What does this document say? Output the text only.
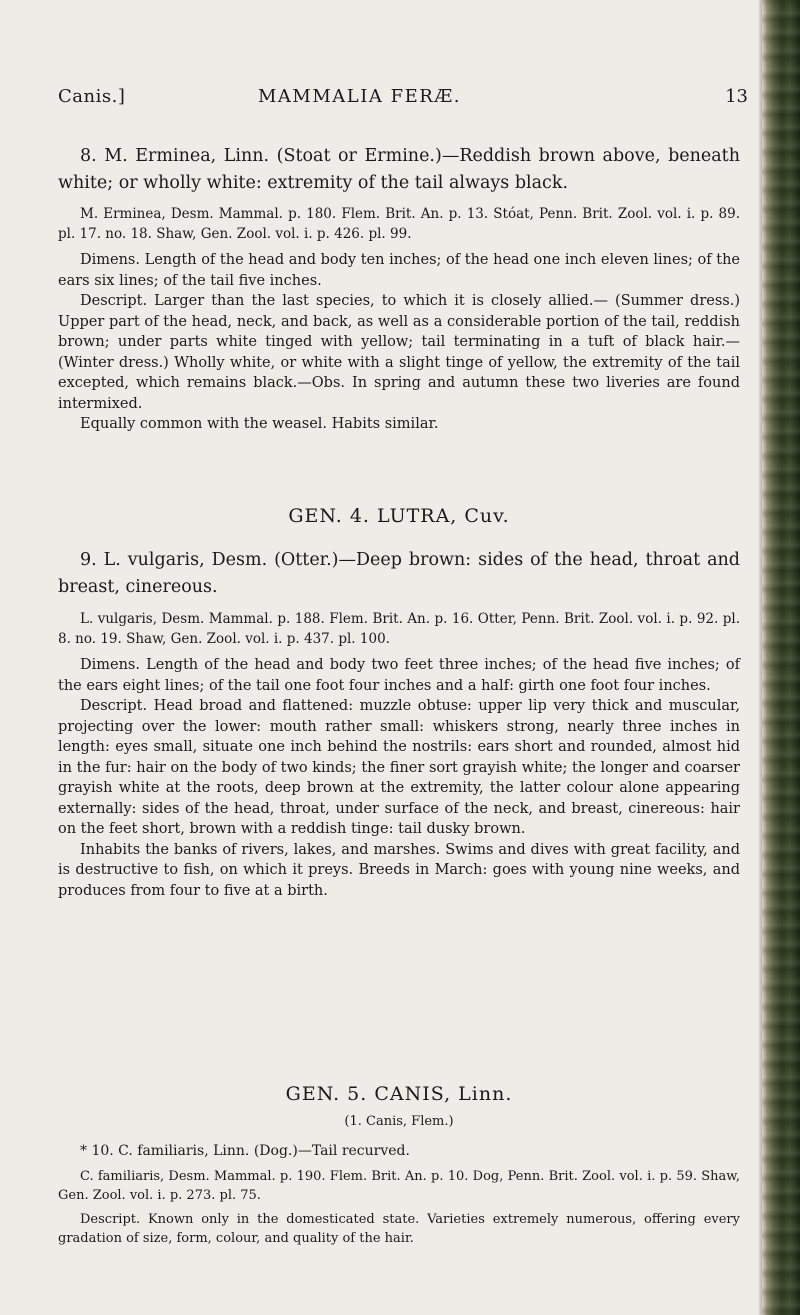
Canis.]	MAMMALIA FERÆ.	13

8. M. Erminea, Linn. (Stoat or Ermine.)—Reddish brown above, beneath white; or wholly white: extremity of the tail always black.

M. Erminea, Desm. Mammal. p. 180. Flem. Brit. An. p. 13. Stóat, Penn. Brit. Zool. vol. i. p. 89. pl. 17. no. 18. Shaw, Gen. Zool. vol. i. p. 426. pl. 99.

Dimens. Length of the head and body ten inches; of the head one inch eleven lines; of the ears six lines; of the tail five inches.

Descript. Larger than the last species, to which it is closely allied.— (Summer dress.) Upper part of the head, neck, and back, as well as a considerable portion of the tail, reddish brown; under parts white tinged with yellow; tail terminating in a tuft of black hair.—(Winter dress.) Wholly white, or white with a slight tinge of yellow, the extremity of the tail excepted, which remains black.—Obs. In spring and autumn these two liveries are found intermixed.

Equally common with the weasel. Habits similar.

GEN. 4. LUTRA, Cuv.

9. L. vulgaris, Desm. (Otter.)—Deep brown: sides of the head, throat and breast, cinereous.

L. vulgaris, Desm. Mammal. p. 188. Flem. Brit. An. p. 16. Otter, Penn. Brit. Zool. vol. i. p. 92. pl. 8. no. 19. Shaw, Gen. Zool. vol. i. p. 437. pl. 100.

Dimens. Length of the head and body two feet three inches; of the head five inches; of the ears eight lines; of the tail one foot four inches and a half: girth one foot four inches.

Descript. Head broad and flattened: muzzle obtuse: upper lip very thick and muscular, projecting over the lower: mouth rather small: whiskers strong, nearly three inches in length: eyes small, situate one inch behind the nostrils: ears short and rounded, almost hid in the fur: hair on the body of two kinds; the finer sort grayish white; the longer and coarser grayish white at the roots, deep brown at the extremity, the latter colour alone appearing externally: sides of the head, throat, under surface of the neck, and breast, cinereous: hair on the feet short, brown with a reddish tinge: tail dusky brown.

Inhabits the banks of rivers, lakes, and marshes. Swims and dives with great facility, and is destructive to fish, on which it preys. Breeds in March: goes with young nine weeks, and produces from four to five at a birth.

GEN. 5. CANIS, Linn.

(1. Canis, Flem.)

* 10. C. familiaris, Linn. (Dog.)—Tail recurved.

C. familiaris, Desm. Mammal. p. 190. Flem. Brit. An. p. 10. Dog, Penn. Brit. Zool. vol. i. p. 59. Shaw, Gen. Zool. vol. i. p. 273. pl. 75.

Descript. Known only in the domesticated state. Varieties extremely numerous, offering every gradation of size, form, colour, and quality of the hair.
